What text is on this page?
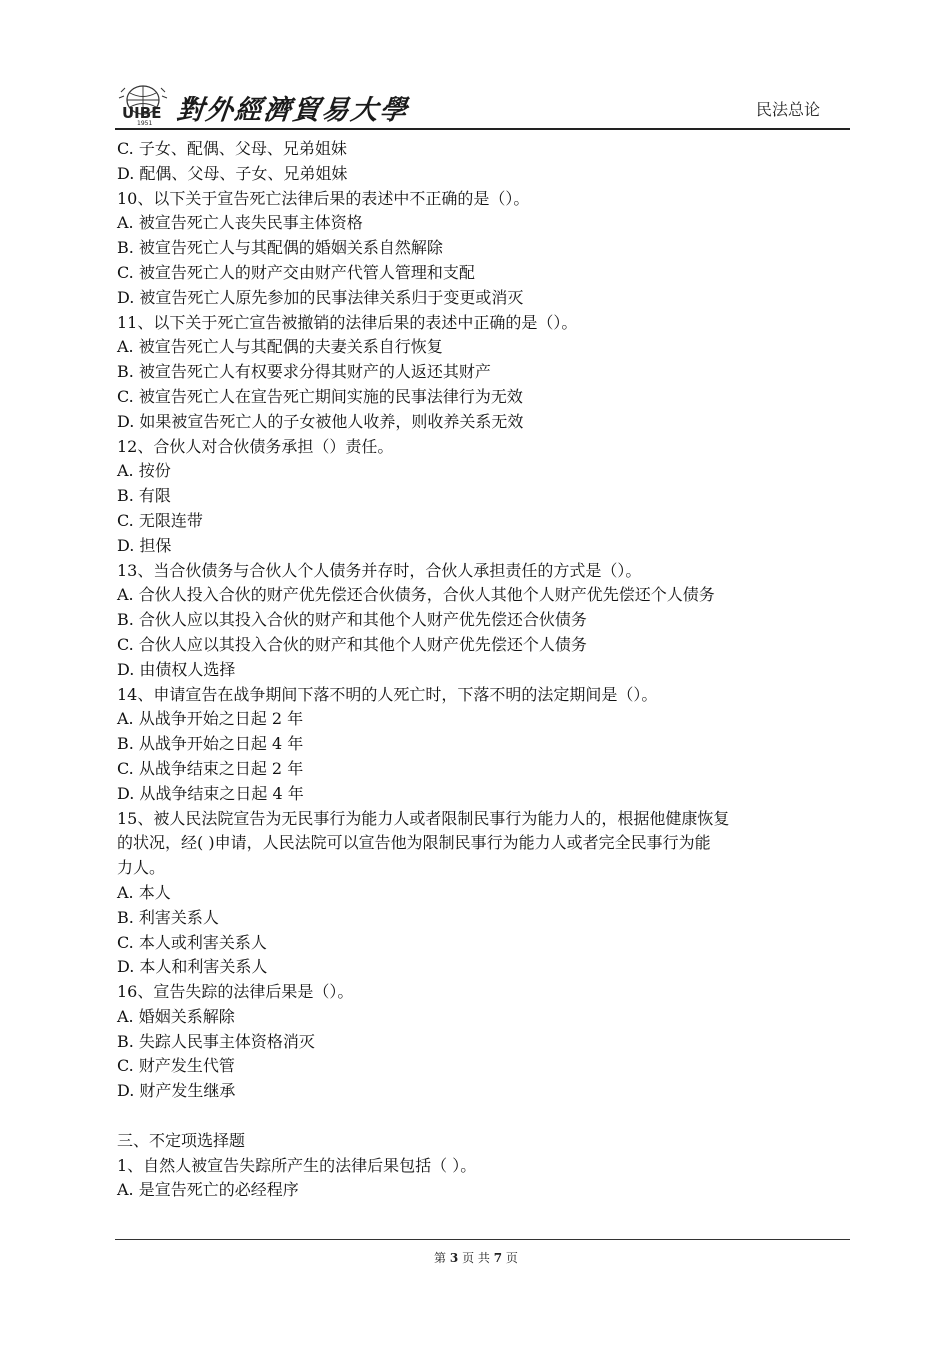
UIBE
1951 對外經濟貿易大學	民法总论
C. 子女、配偶、父母、兄弟姐妹
D. 配偶、父母、子女、兄弟姐妹
10、以下关于宣告死亡法律后果的表述中不正确的是（）。
A. 被宣告死亡人丧失民事主体资格
B. 被宣告死亡人与其配偶的婚姻关系自然解除
C. 被宣告死亡人的财产交由财产代管人管理和支配
D. 被宣告死亡人原先参加的民事法律关系归于变更或消灭
11、以下关于死亡宣告被撤销的法律后果的表述中正确的是（）。
A. 被宣告死亡人与其配偶的夫妻关系自行恢复
B. 被宣告死亡人有权要求分得其财产的人返还其财产
C. 被宣告死亡人在宣告死亡期间实施的民事法律行为无效
D. 如果被宣告死亡人的子女被他人收养，则收养关系无效
12、合伙人对合伙债务承担（）责任。
A. 按份
B. 有限
C. 无限连带
D. 担保
13、当合伙债务与合伙人个人债务并存时，合伙人承担责任的方式是（）。
A. 合伙人投入合伙的财产优先偿还合伙债务，合伙人其他个人财产优先偿还个人债务
B. 合伙人应以其投入合伙的财产和其他个人财产优先偿还合伙债务
C. 合伙人应以其投入合伙的财产和其他个人财产优先偿还个人债务
D. 由债权人选择
14、申请宣告在战争期间下落不明的人死亡时，下落不明的法定期间是（）。
A. 从战争开始之日起 2 年
B. 从战争开始之日起 4 年
C. 从战争结束之日起 2 年
D. 从战争结束之日起 4 年
15、被人民法院宣告为无民事行为能力人或者限制民事行为能力人的，根据他健康恢复
的状况，经( )申请，人民法院可以宣告他为限制民事行为能力人或者完全民事行为能
力人。
A. 本人
B. 利害关系人
C. 本人或利害关系人
D. 本人和利害关系人
16、宣告失踪的法律后果是（）。
A. 婚姻关系解除
B. 失踪人民事主体资格消灭
C. 财产发生代管
D. 财产发生继承
三、不定项选择题
1、自然人被宣告失踪所产生的法律后果包括（ ）。
A. 是宣告死亡的必经程序
第 3 页 共 7 页
